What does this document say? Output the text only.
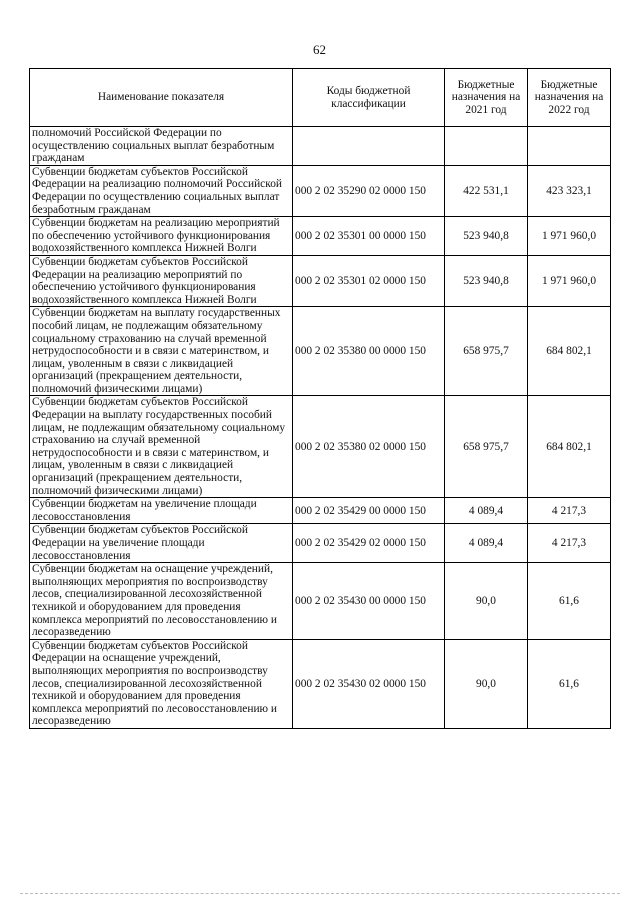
62
Наименование показателя	Коды бюджетной классификации	Бюджетные назначения на 2021 год	Бюджетные назначения на 2022 год
полномочий Российской Федерации по осуществлению социальных выплат безработным гражданам			
Субвенции бюджетам субъектов Российской Федерации на реализацию полномочий Российской Федерации по осуществлению социальных выплат безработным гражданам	000 2 02 35290 02 0000 150	422 531,1	423 323,1
Субвенции бюджетам на реализацию мероприятий по обеспечению устойчивого функционирования водохозяйственного комплекса Нижней Волги	000 2 02 35301 00 0000 150	523 940,8	1 971 960,0
Субвенции бюджетам субъектов Российской Федерации на реализацию мероприятий по обеспечению устойчивого функционирования водохозяйственного комплекса Нижней Волги	000 2 02 35301 02 0000 150	523 940,8	1 971 960,0
Субвенции бюджетам на выплату государственных пособий лицам, не подлежащим обязательному социальному страхованию на случай временной нетрудоспособности и в связи с материнством, и лицам, уволенным в связи с ликвидацией организаций (прекращением деятельности, полномочий физическими лицами)	000 2 02 35380 00 0000 150	658 975,7	684 802,1
Субвенции бюджетам субъектов Российской Федерации на выплату государственных пособий лицам, не подлежащим обязательному социальному страхованию на случай временной нетрудоспособности и в связи с материнством, и лицам, уволенным в связи с ликвидацией организаций (прекращением деятельности, полномочий физическими лицами)	000 2 02 35380 02 0000 150	658 975,7	684 802,1
Субвенции бюджетам на увеличение площади лесовосстановления	000 2 02 35429 00 0000 150	4 089,4	4 217,3
Субвенции бюджетам субъектов Российской Федерации на увеличение площади лесовосстановления	000 2 02 35429 02 0000 150	4 089,4	4 217,3
Субвенции бюджетам на оснащение учреждений, выполняющих мероприятия по воспроизводству лесов, специализированной лесохозяйственной техникой и оборудованием для проведения комплекса мероприятий по лесовосстановлению и лесоразведению	000 2 02 35430 00 0000 150	90,0	61,6
Субвенции бюджетам субъектов Российской Федерации на оснащение учреждений, выполняющих мероприятия по воспроизводству лесов, специализированной лесохозяйственной техникой и оборудованием для проведения комплекса мероприятий по лесовосстановлению и лесоразведению	000 2 02 35430 02 0000 150	90,0	61,6
